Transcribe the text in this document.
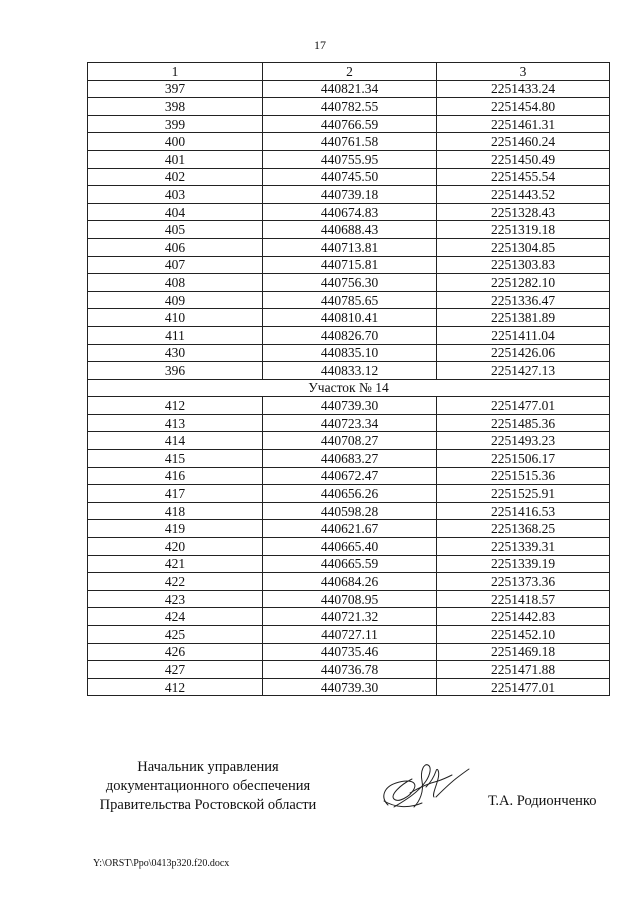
17
1	2	3
397	440821.34	2251433.24
398	440782.55	2251454.80
399	440766.59	2251461.31
400	440761.58	2251460.24
401	440755.95	2251450.49
402	440745.50	2251455.54
403	440739.18	2251443.52
404	440674.83	2251328.43
405	440688.43	2251319.18
406	440713.81	2251304.85
407	440715.81	2251303.83
408	440756.30	2251282.10
409	440785.65	2251336.47
410	440810.41	2251381.89
411	440826.70	2251411.04
430	440835.10	2251426.06
396	440833.12	2251427.13
Участок № 14		
412	440739.30	2251477.01
413	440723.34	2251485.36
414	440708.27	2251493.23
415	440683.27	2251506.17
416	440672.47	2251515.36
417	440656.26	2251525.91
418	440598.28	2251416.53
419	440621.67	2251368.25
420	440665.40	2251339.31
421	440665.59	2251339.19
422	440684.26	2251373.36
423	440708.95	2251418.57
424	440721.32	2251442.83
425	440727.11	2251452.10
426	440735.46	2251469.18
427	440736.78	2251471.88
412	440739.30	2251477.01
Начальник управления
документационного обеспечения
Правительства Ростовской области	Т.А. Родионченко
Y:\ORST\Ppo\0413p320.f20.docx
